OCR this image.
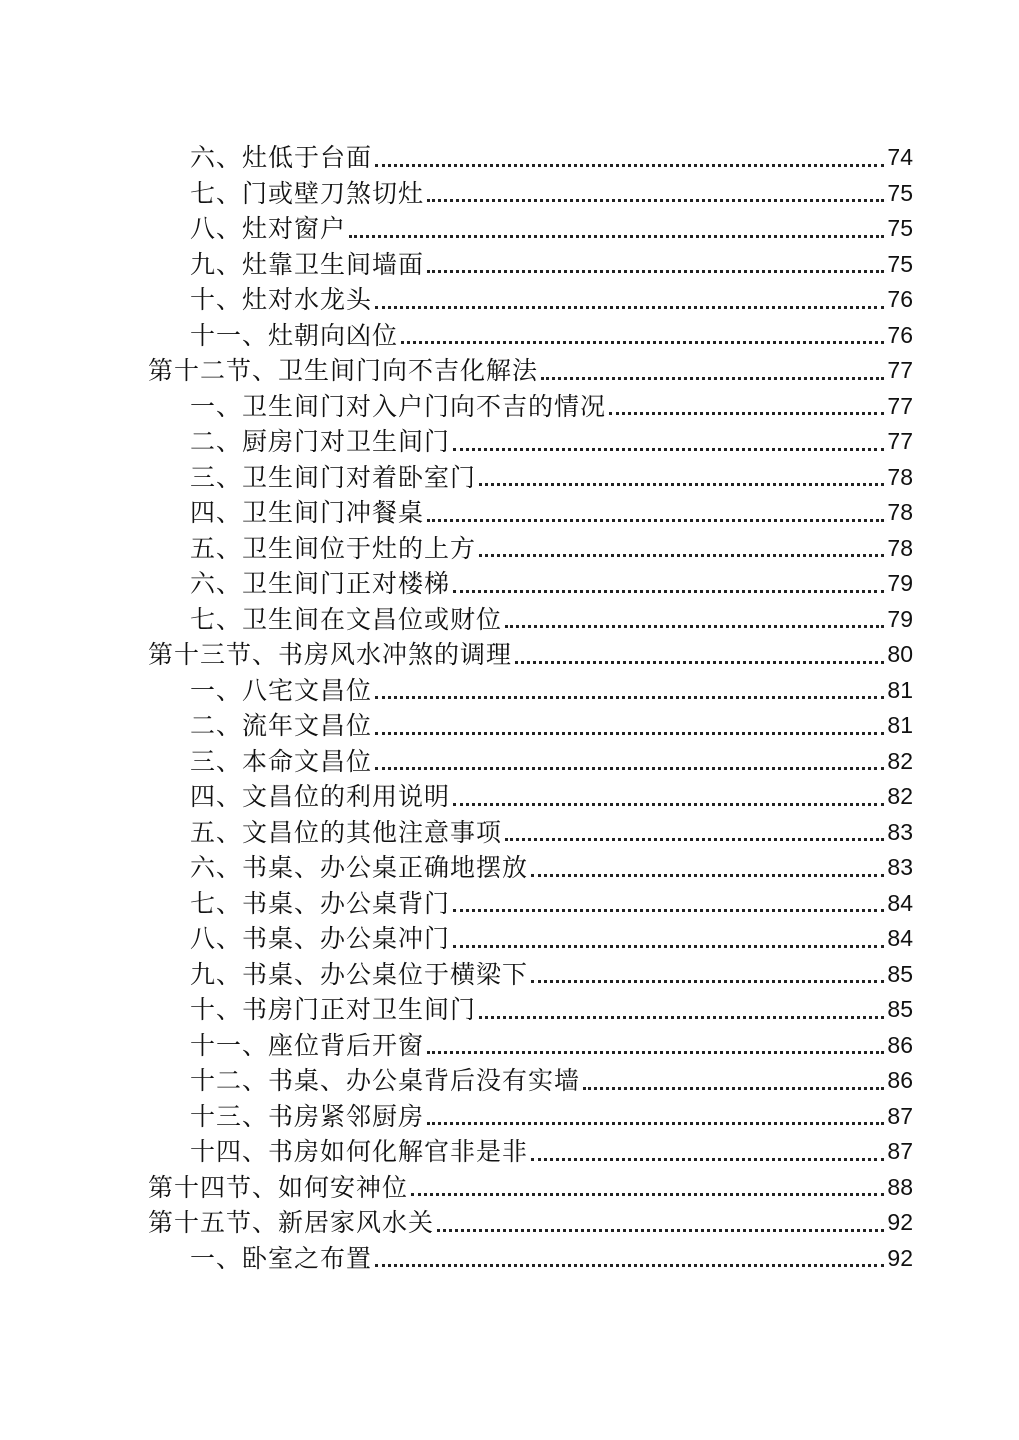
六、灶低于台面	74
七、门或壁刀煞切灶	75
八、灶对窗户	75
九、灶靠卫生间墙面	75
十、灶对水龙头	76
十一、灶朝向凶位	76
第十二节、卫生间门向不吉化解法	77
一、卫生间门对入户门向不吉的情况	77
二、厨房门对卫生间门	77
三、卫生间门对着卧室门	78
四、卫生间门冲餐桌	78
五、卫生间位于灶的上方	78
六、卫生间门正对楼梯	79
七、卫生间在文昌位或财位	79
第十三节、书房风水冲煞的调理	80
一、八宅文昌位	81
二、流年文昌位	81
三、本命文昌位	82
四、文昌位的利用说明	82
五、文昌位的其他注意事项	83
六、书桌、办公桌正确地摆放	83
七、书桌、办公桌背门	84
八、书桌、办公桌冲门	84
九、书桌、办公桌位于横梁下	85
十、书房门正对卫生间门	85
十一、座位背后开窗	86
十二、书桌、办公桌背后没有实墙	86
十三、书房紧邻厨房	87
十四、书房如何化解官非是非	87
第十四节、如何安神位	88
第十五节、新居家风水关	92
一、卧室之布置	92
